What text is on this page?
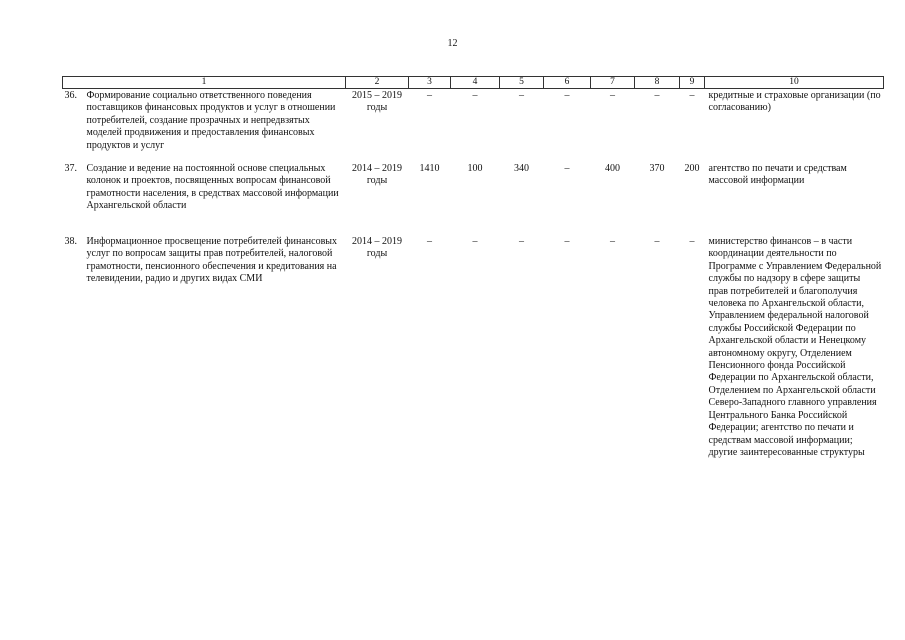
12
1		2	3	4	5	6	7	8	9	10
36.	Формирование социально ответственного поведения поставщиков финансовых продуктов и услуг в отношении потребителей, создание прозрачных и непредвзятых моделей продвижения и предоставления финансовых продуктов и услуг	2015 – 2019 годы	–	–	–	–	–	–	–	кредитные и страховые организации (по согласованию)
37.	Создание и ведение на постоянной основе специальных колонок и проектов, посвященных вопросам финансовой грамотности населения, в средствах массовой информации Архангельской области	2014 – 2019 годы	1410	100	340	–	400	370	200	агентство по печати и средствам массовой информации
38.	Информационное просвещение потребителей финансовых услуг по вопросам защиты прав потребителей, налоговой грамотности, пенсионного обеспечения и кредитования на телевидении, радио и других видах СМИ	2014 – 2019 годы	–	–	–	–	–	–	–	министерство финансов – в части координации деятельности по Программе с Управлением Федеральной службы по надзору в сфере защиты прав потребителей и благополучия человека по Архангельской области, Управлением федеральной налоговой службы Российской Федерации по Архангельской области и Ненецкому автономному округу, Отделением Пенсионного фонда Российской Федерации по Архангельской области, Отделением по Архангельской области Северо-Западного главного управления Центрального Банка Российской Федерации; агентство по печати и средствам массовой информации; другие заинтересованные структуры
